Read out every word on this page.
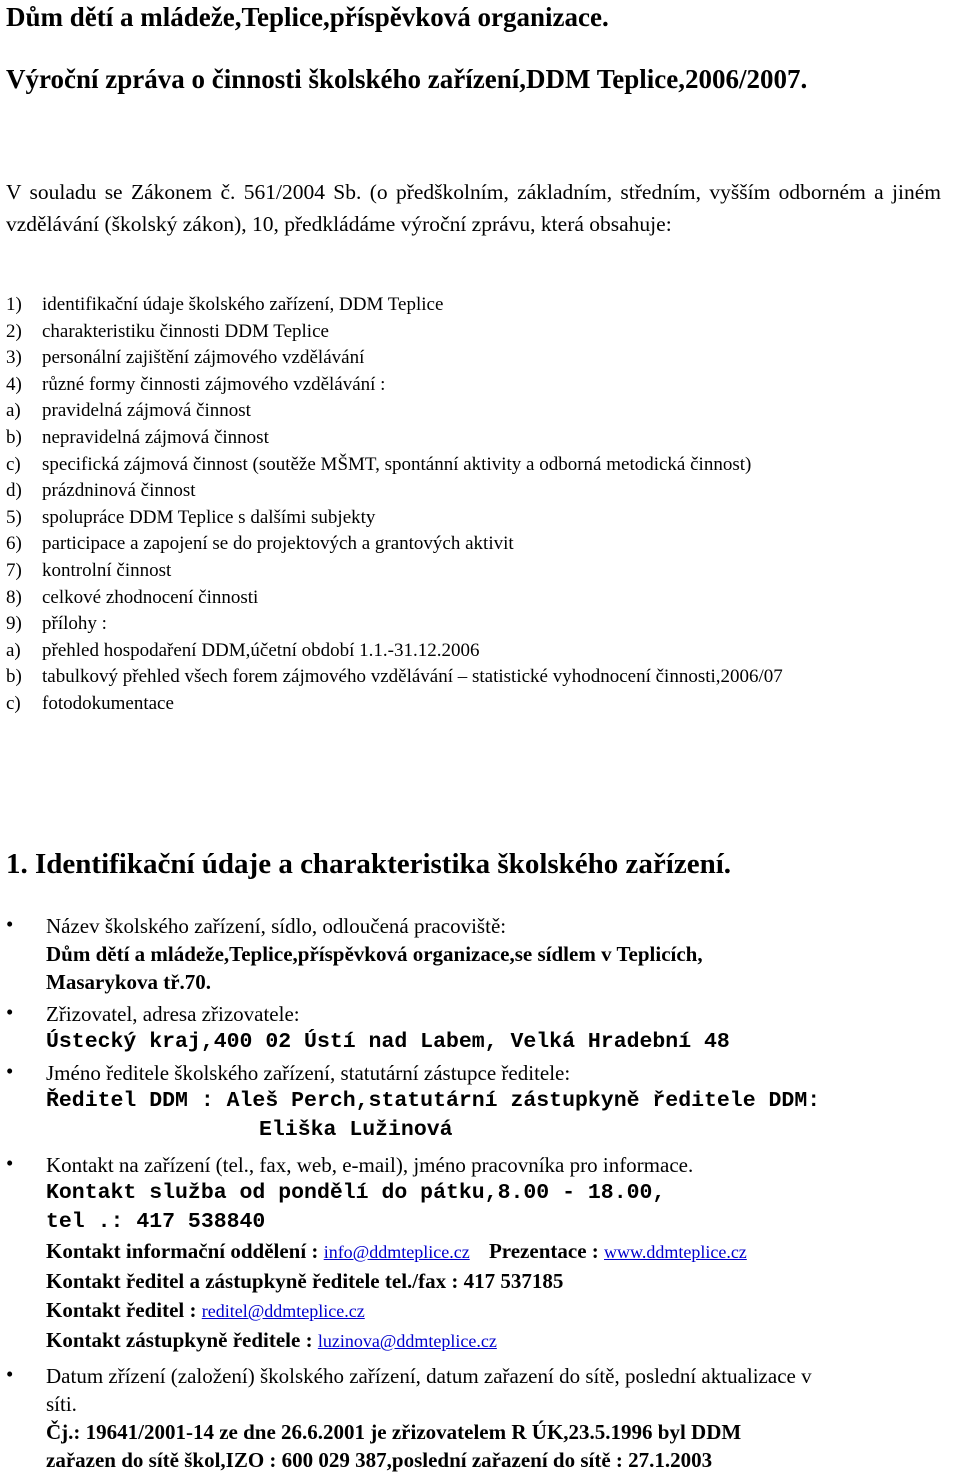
Dům dětí a mládeže,Teplice,příspěvková organizace.
Výroční zpráva o činnosti školského zařízení,DDM Teplice,2006/2007.
V souladu se Zákonem č. 561/2004 Sb. (o předškolním, základním, středním, vyšším odborném a jiném vzdělávání (školský zákon), 10, předkládáme výroční zprávu, která obsahuje:
1)	identifikační údaje školského zařízení, DDM Teplice
2)	charakteristiku činnosti DDM Teplice
3)	personální zajištění zájmového vzdělávání
4)	různé formy činnosti zájmového vzdělávání :
a)	pravidelná zájmová činnost
b)	nepravidelná zájmová činnost
c)	specifická zájmová činnost (soutěže MŠMT, spontánní aktivity a odborná metodická činnost)
d)	prázdninová činnost
5)	spolupráce DDM Teplice s dalšími subjekty
6)	participace a zapojení se do projektových a grantových aktivit
7)	kontrolní činnost
8)	celkové zhodnocení činnosti
9)	přílohy :
a)	přehled hospodaření DDM,účetní období 1.1.-31.12.2006
b)	tabulkový přehled všech forem zájmového vzdělávání – statistické vyhodnocení činnosti,2006/07
c)	fotodokumentace
1. Identifikační údaje a charakteristika školského zařízení.
• Název školského zařízení, sídlo, odloučená pracoviště:
Dům dětí a mládeže,Teplice,příspěvková organizace,se sídlem v Teplicích,
Masarykova tř.70.
• Zřizovatel, adresa zřizovatele:
Ústecký kraj,400 02 Ústí nad Labem, Velká Hradební 48
• Jméno ředitele školského zařízení, statutární zástupce ředitele:
Ředitel DDM : Aleš Perch,statutární zástupkyně ředitele DDM:
Eliška Lužinová
• Kontakt na zařízení (tel., fax, web, e-mail), jméno pracovníka pro informace.
Kontakt služba od pondělí do pátku,8.00 - 18.00,
tel .: 417 538840
Kontakt informační oddělení : info@ddmteplice.cz Prezentace : www.ddmteplice.cz
Kontakt ředitel a zástupkyně ředitele tel./fax : 417 537185
Kontakt ředitel : reditel@ddmteplice.cz
Kontakt zástupkyně ředitele : luzinova@ddmteplice.cz
• Datum zřízení (založení) školského zařízení, datum zařazení do sítě, poslední aktualizace v síti.
Čj.: 19641/2001-14 ze dne 26.6.2001 je zřizovatelem R ÚK,23.5.1996 byl DDM
zařazen do sítě škol,IZO : 600 029 387,poslední zařazení do sítě : 27.1.2003
